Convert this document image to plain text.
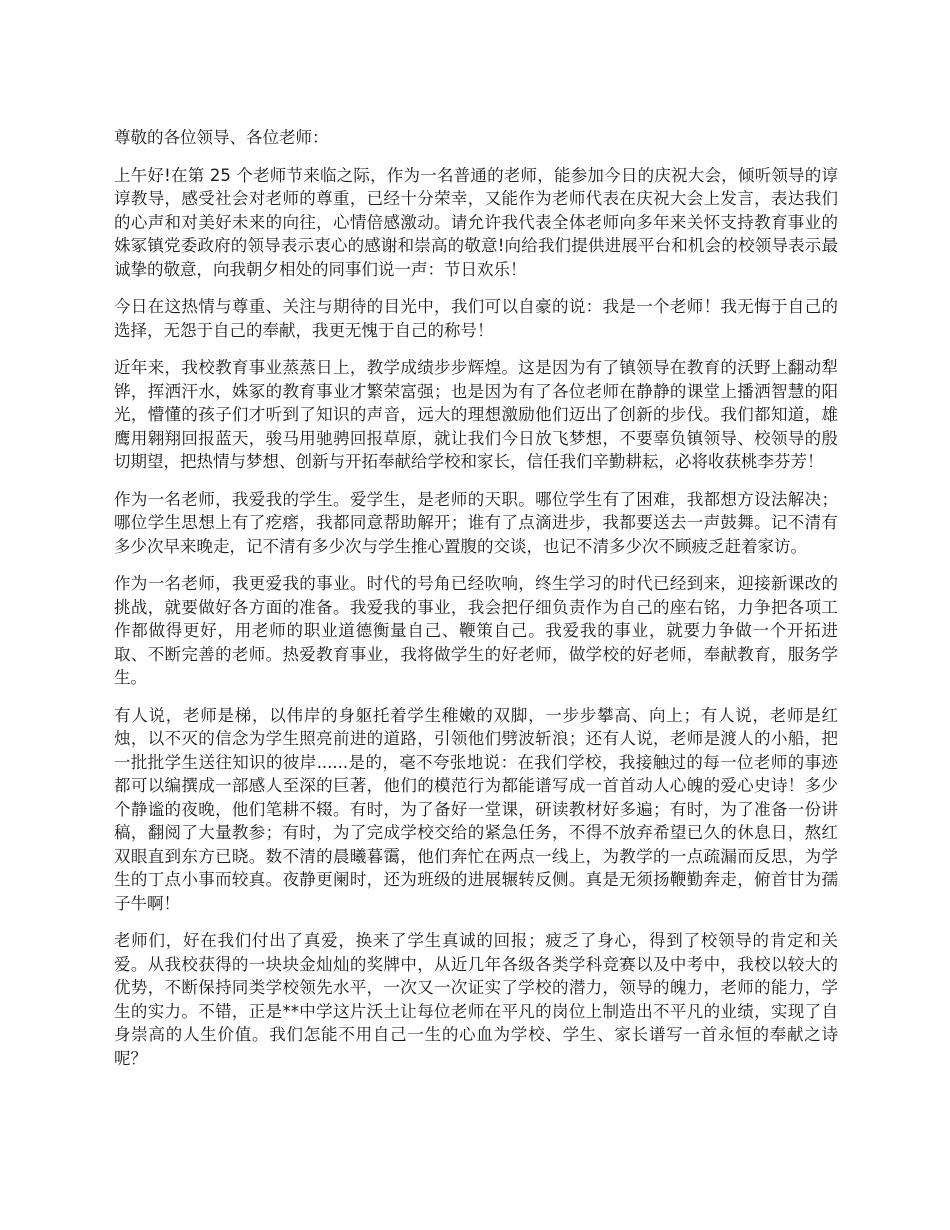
尊敬的各位领导、各位老师：

上午好!在第 25 个老师节来临之际，作为一名普通的老师，能参加今日的庆祝大会，倾听领导的谆谆教导，感受社会对老师的尊重，已经十分荣幸，又能作为老师代表在庆祝大会上发言，表达我们的心声和对美好未来的向往，心情倍感激动。请允许我代表全体老师向多年来关怀支持教育事业的姝冢镇党委政府的领导表示衷心的感谢和崇高的敬意!向给我们提供进展平台和机会的校领导表示最诚挚的敬意，向我朝夕相处的同事们说一声：节日欢乐！

今日在这热情与尊重、关注与期待的目光中，我们可以自豪的说：我是一个老师！我无悔于自己的选择，无怨于自己的奉献，我更无愧于自己的称号！

近年来，我校教育事业蒸蒸日上，教学成绩步步辉煌。这是因为有了镇领导在教育的沃野上翻动犁铧，挥洒汗水，姝冢的教育事业才繁荣富强；也是因为有了各位老师在静静的课堂上播洒智慧的阳光，懵懂的孩子们才听到了知识的声音，远大的理想激励他们迈出了创新的步伐。我们都知道，雄鹰用翱翔回报蓝天，骏马用驰骋回报草原，就让我们今日放飞梦想，不要辜负镇领导、校领导的殷切期望，把热情与梦想、创新与开拓奉献给学校和家长，信任我们辛勤耕耘，必将收获桃李芬芳！

作为一名老师，我爱我的学生。爱学生，是老师的天职。哪位学生有了困难，我都想方设法解决；哪位学生思想上有了疙瘩，我都同意帮助解开；谁有了点滴进步，我都要送去一声鼓舞。记不清有多少次早来晚走，记不清有多少次与学生推心置腹的交谈，也记不清多少次不顾疲乏赶着家访。

作为一名老师，我更爱我的事业。时代的号角已经吹响，终生学习的时代已经到来，迎接新课改的挑战，就要做好各方面的准备。我爱我的事业，我会把仔细负责作为自己的座右铭，力争把各项工作都做得更好，用老师的职业道德衡量自己、鞭策自己。我爱我的事业，就要力争做一个开拓进取、不断完善的老师。热爱教育事业，我将做学生的好老师，做学校的好老师，奉献教育，服务学生。

有人说，老师是梯，以伟岸的身躯托着学生稚嫩的双脚，一步步攀高、向上；有人说，老师是红烛，以不灭的信念为学生照亮前进的道路，引领他们劈波斩浪；还有人说，老师是渡人的小船，把一批批学生送往知识的彼岸......是的，毫不夸张地说：在我们学校，我接触过的每一位老师的事迹都可以编撰成一部感人至深的巨著，他们的模范行为都能谱写成一首首动人心魄的爱心史诗！多少个静谧的夜晚，他们笔耕不辍。有时，为了备好一堂课，研读教材好多遍；有时，为了准备一份讲稿，翻阅了大量教参；有时，为了完成学校交给的紧急任务，不得不放弃希望已久的休息日，熬红双眼直到东方已晓。数不清的晨曦暮霭，他们奔忙在两点一线上，为教学的一点疏漏而反思，为学生的丁点小事而较真。夜静更阑时，还为班级的进展辗转反侧。真是无须扬鞭勤奔走，俯首甘为孺子牛啊！

老师们，好在我们付出了真爱，换来了学生真诚的回报；疲乏了身心，得到了校领导的肯定和关爱。从我校获得的一块块金灿灿的奖牌中，从近几年各级各类学科竞赛以及中考中，我校以较大的优势，不断保持同类学校领先水平，一次又一次证实了学校的潜力，领导的魄力，老师的能力，学生的实力。不错，正是**中学这片沃土让每位老师在平凡的岗位上制造出不平凡的业绩，实现了自身崇高的人生价值。我们怎能不用自己一生的心血为学校、学生、家长谱写一首永恒的奉献之诗呢？
